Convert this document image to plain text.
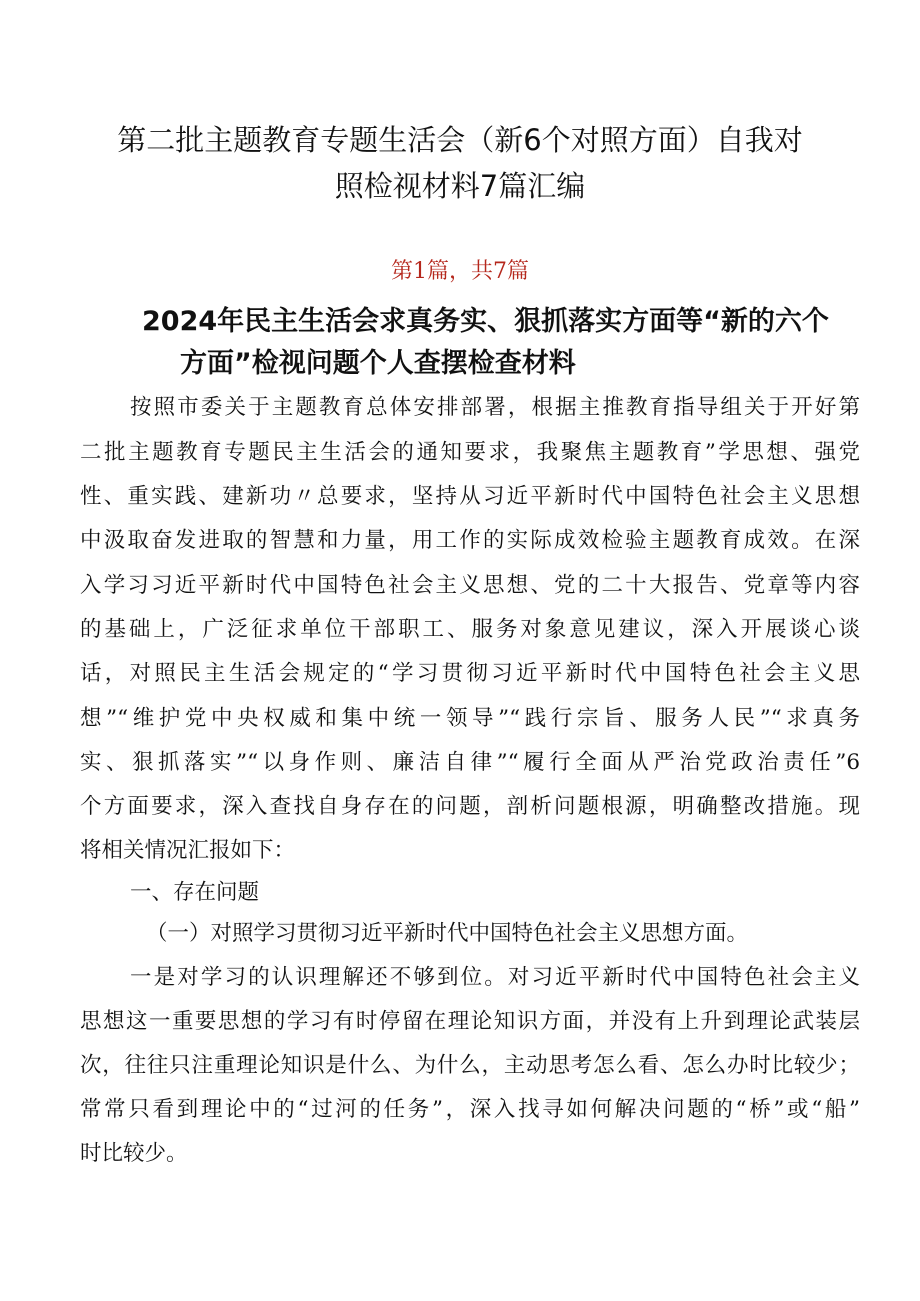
第二批主题教育专题生活会（新6个对照方面）自我对
照检视材料7篇汇编
第1篇，共7篇
2024年民主生活会求真务实、狠抓落实方面等“新的六个
方面”检视问题个人查摆检查材料
按照市委关于主题教育总体安排部署，根据主推教育指导组关于开好第
二批主题教育专题民主生活会的通知要求，我聚焦主题教育”学思想、强党
性、重实践、建新功〃总要求，坚持从习近平新时代中国特色社会主义思想
中汲取奋发进取的智慧和力量，用工作的实际成效检验主题教育成效。在深
入学习习近平新时代中国特色社会主义思想、党的二十大报告、党章等内容
的基础上，广泛征求单位干部职工、服务对象意见建议，深入开展谈心谈
话，对照民主生活会规定的“学习贯彻习近平新时代中国特色社会主义思
想”“维护党中央权威和集中统一领导”“践行宗旨、服务人民”“求真务
实、狠抓落实”“以身作则、廉洁自律”“履行全面从严治党政治责任”6
个方面要求，深入查找自身存在的问题，剖析问题根源，明确整改措施。现
将相关情况汇报如下：
一、存在问题
（一）对照学习贯彻习近平新时代中国特色社会主义思想方面。
一是对学习的认识理解还不够到位。对习近平新时代中国特色社会主义
思想这一重要思想的学习有时停留在理论知识方面，并没有上升到理论武装层
次，往往只注重理论知识是什么、为什么，主动思考怎么看、怎么办时比较少；
常常只看到理论中的“过河的任务”，深入找寻如何解决问题的“桥”或“船”
时比较少。
